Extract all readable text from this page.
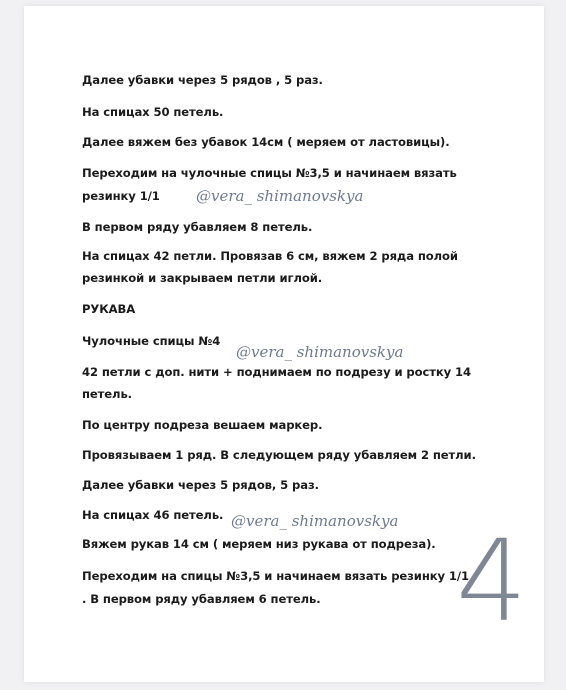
Далее убавки через 5 рядов , 5 раз.

На спицах 50 петель.

Далее вяжем без убавок 14см ( меряем от ластовицы).

Переходим на чулочные спицы №3,5 и начинаем вязать

резинку 1/1

В первом ряду убавляем 8 петель.

На спицах 42 петли. Провязав 6 см, вяжем 2 ряда полой

резинкой и закрываем петли иглой.

РУКАВА

Чулочные спицы №4

42 петли с доп. нити + поднимаем по подрезу и ростку 14

петель.

По центру подреза вешаем маркер.

Провязываем 1 ряд. В следующем ряду убавляем 2 петли.

Далее убавки через 5 рядов, 5 раз.

На спицах 46 петель.

Вяжем рукав 14 см ( меряем низ рукава от подреза).

Переходим на спицы №3,5 и начинаем вязать резинку 1/1

. В первом ряду убавляем 6 петель.

@vera_ shimanovskya
@vera_ shimanovskya
@vera_ shimanovskya 4
